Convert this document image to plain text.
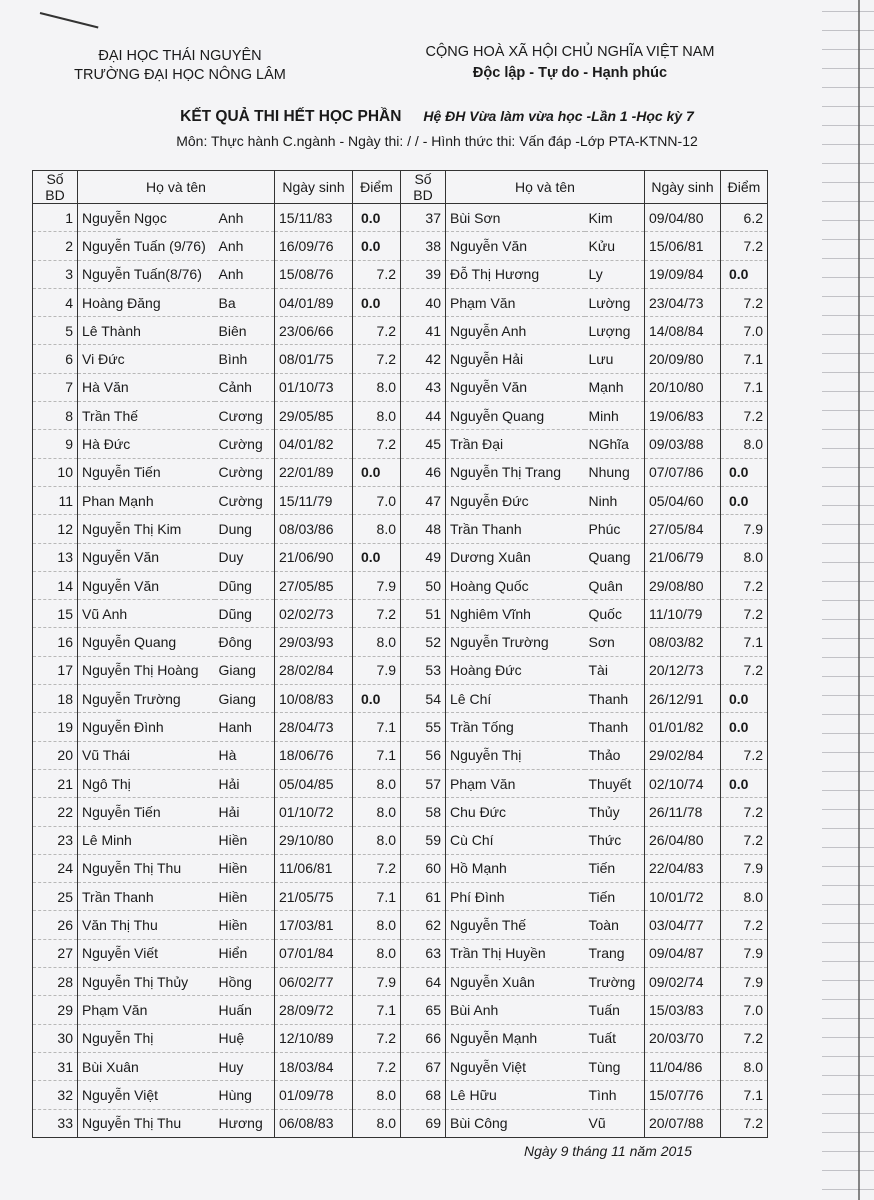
ĐẠI HỌC THÁI NGUYÊN
TRƯỜNG ĐẠI HỌC NÔNG LÂM
CỘNG HOÀ XÃ HỘI CHỦ NGHĨA VIỆT NAM
Độc lập - Tự do - Hạnh phúc
KẾT QUẢ THI HẾT HỌC PHẦN Hệ ĐH Vừa làm vừa học -Lần 1 -Học kỳ 7
Môn: Thực hành C.ngành - Ngày thi: / / - Hình thức thi: Vấn đáp -Lớp PTA-KTNN-12
Số BD	Họ và tên		Ngày sinh	Điểm	Số BD	Họ và tên		Ngày sinh	Điểm
1	Nguyễn Ngọc	Anh	15/11/83	0.0	37	Bùi Sơn	Kim	09/04/80	6.2
2	Nguyễn Tuấn (9/76)	Anh	16/09/76	0.0	38	Nguyễn Văn	Kửu	15/06/81	7.2
3	Nguyễn Tuấn(8/76)	Anh	15/08/76	7.2	39	Đỗ Thị Hương	Ly	19/09/84	0.0
4	Hoàng Đăng	Ba	04/01/89	0.0	40	Phạm Văn	Lường	23/04/73	7.2
5	Lê Thành	Biên	23/06/66	7.2	41	Nguyễn Anh	Lượng	14/08/84	7.0
6	Vi Đức	Bình	08/01/75	7.2	42	Nguyễn Hải	Lưu	20/09/80	7.1
7	Hà Văn	Cảnh	01/10/73	8.0	43	Nguyễn Văn	Mạnh	20/10/80	7.1
8	Trần Thế	Cương	29/05/85	8.0	44	Nguyễn Quang	Minh	19/06/83	7.2
9	Hà Đức	Cường	04/01/82	7.2	45	Trần Đại	NGhĩa	09/03/88	8.0
10	Nguyễn Tiến	Cường	22/01/89	0.0	46	Nguyễn Thị Trang	Nhung	07/07/86	0.0
11	Phan Mạnh	Cường	15/11/79	7.0	47	Nguyễn Đức	Ninh	05/04/60	0.0
12	Nguyễn Thị Kim	Dung	08/03/86	8.0	48	Trần Thanh	Phúc	27/05/84	7.9
13	Nguyễn Văn	Duy	21/06/90	0.0	49	Dương Xuân	Quang	21/06/79	8.0
14	Nguyễn Văn	Dũng	27/05/85	7.9	50	Hoàng Quốc	Quân	29/08/80	7.2
15	Vũ Anh	Dũng	02/02/73	7.2	51	Nghiêm Vĩnh	Quốc	11/10/79	7.2
16	Nguyễn Quang	Đông	29/03/93	8.0	52	Nguyễn Trường	Sơn	08/03/82	7.1
17	Nguyễn Thị Hoàng	Giang	28/02/84	7.9	53	Hoàng Đức	Tài	20/12/73	7.2
18	Nguyễn Trường	Giang	10/08/83	0.0	54	Lê Chí	Thanh	26/12/91	0.0
19	Nguyễn Đình	Hanh	28/04/73	7.1	55	Trần Tống	Thanh	01/01/82	0.0
20	Vũ Thái	Hà	18/06/76	7.1	56	Nguyễn Thị	Thảo	29/02/84	7.2
21	Ngô Thị	Hải	05/04/85	8.0	57	Phạm Văn	Thuyết	02/10/74	0.0
22	Nguyễn Tiến	Hải	01/10/72	8.0	58	Chu Đức	Thủy	26/11/78	7.2
23	Lê Minh	Hiền	29/10/80	8.0	59	Cù Chí	Thức	26/04/80	7.2
24	Nguyễn Thị Thu	Hiền	11/06/81	7.2	60	Hồ Mạnh	Tiến	22/04/83	7.9
25	Trần Thanh	Hiền	21/05/75	7.1	61	Phí Đình	Tiến	10/01/72	8.0
26	Văn Thị Thu	Hiền	17/03/81	8.0	62	Nguyễn Thế	Toàn	03/04/77	7.2
27	Nguyễn Viết	Hiển	07/01/84	8.0	63	Trần Thị Huyền	Trang	09/04/87	7.9
28	Nguyễn Thị Thủy	Hồng	06/02/77	7.9	64	Nguyễn Xuân	Trường	09/02/74	7.9
29	Phạm Văn	Huấn	28/09/72	7.1	65	Bùi Anh	Tuấn	15/03/83	7.0
30	Nguyễn Thị	Huệ	12/10/89	7.2	66	Nguyễn Mạnh	Tuất	20/03/70	7.2
31	Bùi Xuân	Huy	18/03/84	7.2	67	Nguyễn Việt	Tùng	11/04/86	8.0
32	Nguyễn Việt	Hùng	01/09/78	8.0	68	Lê Hữu	Tình	15/07/76	7.1
33	Nguyễn Thị Thu	Hương	06/08/83	8.0	69	Bùi Công	Vũ	20/07/88	7.2
Ngày 9 tháng 11 năm 2015
